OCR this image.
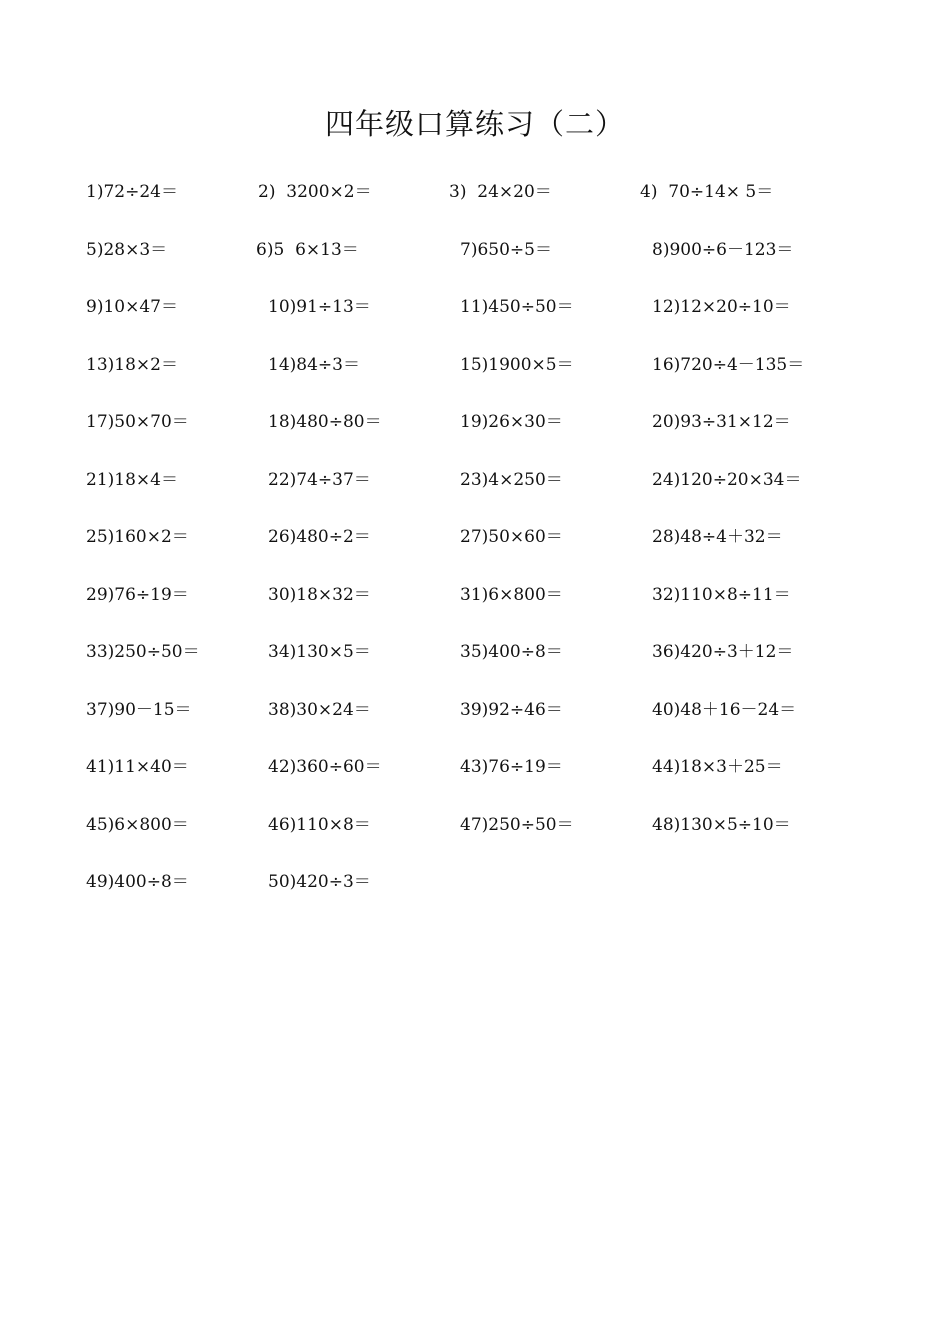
四年级口算练习（二）
1)72÷24＝	2)  3200×2＝	3)  24×20＝	4)  70÷14× 5＝
5)28×3＝	6)5  6×13＝	7)650÷5＝	8)900÷6－123＝
9)10×47＝	10)91÷13＝	11)450÷50＝	12)12×20÷10＝
13)18×2＝	14)84÷3＝	15)1900×5＝	16)720÷4－135＝
17)50×70＝	18)480÷80＝	19)26×30＝	20)93÷31×12＝
21)18×4＝	22)74÷37＝	23)4×250＝	24)120÷20×34＝
25)160×2＝	26)480÷2＝	27)50×60＝	28)48÷4＋32＝
29)76÷19＝	30)18×32＝	31)6×800＝	32)110×8÷11＝
33)250÷50＝	34)130×5＝	35)400÷8＝	36)420÷3＋12＝
37)90－15＝	38)30×24＝	39)92÷46＝	40)48＋16－24＝
41)11×40＝	42)360÷60＝	43)76÷19＝	44)18×3＋25＝
45)6×800＝	46)110×8＝	47)250÷50＝	48)130×5÷10＝
49)400÷8＝	50)420÷3＝
